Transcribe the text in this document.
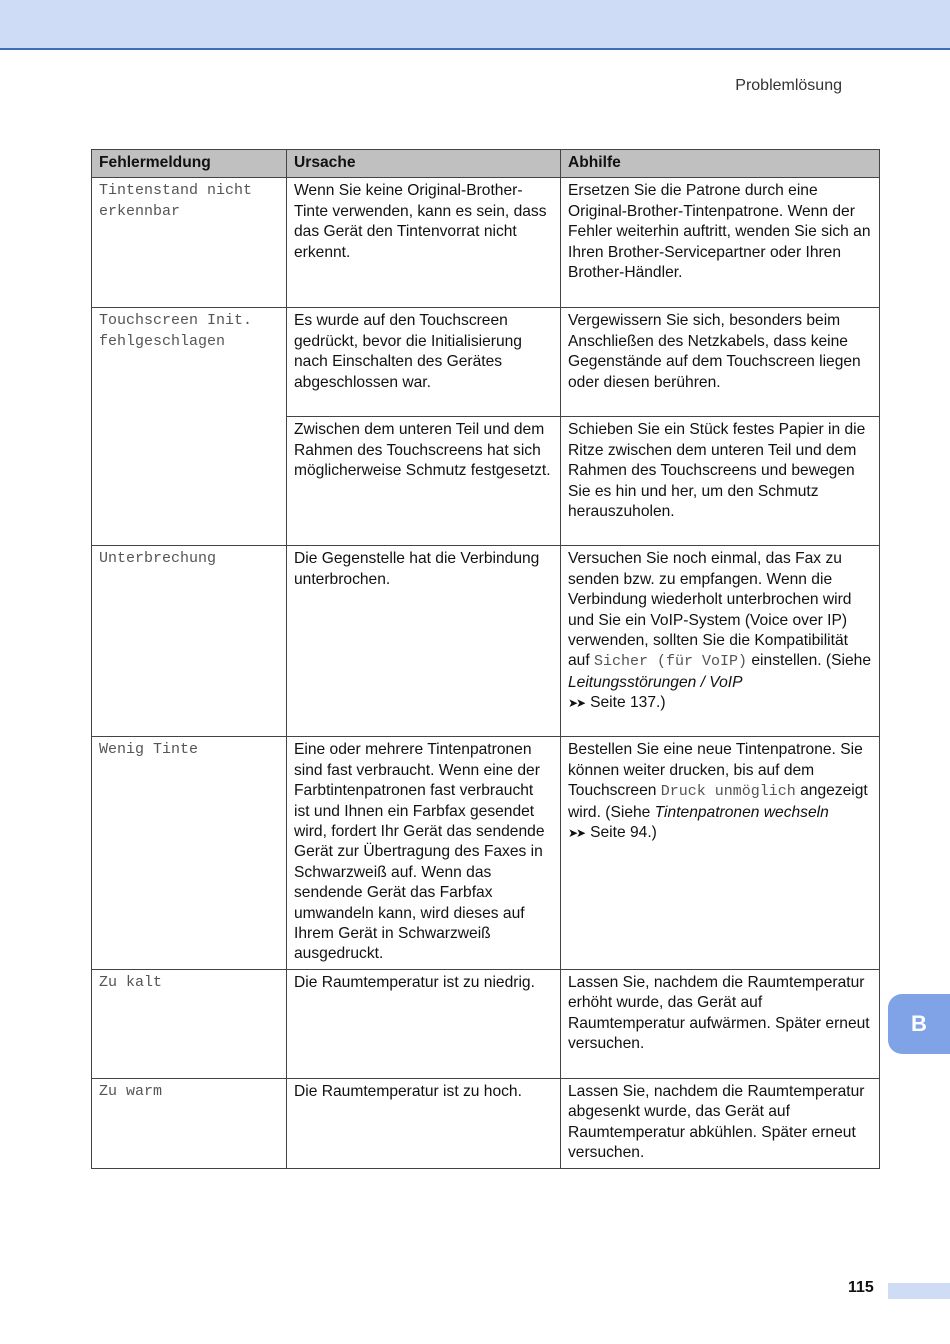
Problemlösung
Fehlermeldung	Ursache	Abhilfe
Tintenstand nicht erkennbar	Wenn Sie keine Original-Brother-Tinte verwenden, kann es sein, dass das Gerät den Tintenvorrat nicht erkennt.	Ersetzen Sie die Patrone durch eine Original-Brother-Tintenpatrone. Wenn der Fehler weiterhin auftritt, wenden Sie sich an Ihren Brother-Servicepartner oder Ihren Brother-Händler.
Touchscreen Init. fehlgeschlagen	Es wurde auf den Touchscreen gedrückt, bevor die Initialisierung nach Einschalten des Gerätes abgeschlossen war.	Vergewissern Sie sich, besonders beim Anschließen des Netzkabels, dass keine Gegenstände auf dem Touchscreen liegen oder diesen berühren.
	Zwischen dem unteren Teil und dem Rahmen des Touchscreens hat sich möglicherweise Schmutz festgesetzt.	Schieben Sie ein Stück festes Papier in die Ritze zwischen dem unteren Teil und dem Rahmen des Touchscreens und bewegen Sie es hin und her, um den Schmutz herauszuholen.
Unterbrechung	Die Gegenstelle hat die Verbindung unterbrochen.	Versuchen Sie noch einmal, das Fax zu senden bzw. zu empfangen. Wenn die Verbindung wiederholt unterbrochen wird und Sie ein VoIP-System (Voice over IP) verwenden, sollten Sie die Kompatibilität auf Sicher (für VoIP) einstellen. (Siehe Leitungsstörungen / VoIP
➤➤ Seite 137.)
Wenig Tinte	Eine oder mehrere Tintenpatronen sind fast verbraucht. Wenn eine der Farbtintenpatronen fast verbraucht ist und Ihnen ein Farbfax gesendet wird, fordert Ihr Gerät das sendende Gerät zur Übertragung des Faxes in Schwarzweiß auf. Wenn das sendende Gerät das Farbfax umwandeln kann, wird dieses auf Ihrem Gerät in Schwarzweiß ausgedruckt.	Bestellen Sie eine neue Tintenpatrone. Sie können weiter drucken, bis auf dem Touchscreen Druck unmöglich angezeigt wird. (Siehe Tintenpatronen wechseln
➤➤ Seite 94.)
Zu kalt	Die Raumtemperatur ist zu niedrig.	Lassen Sie, nachdem die Raumtemperatur erhöht wurde, das Gerät auf Raumtemperatur aufwärmen. Später erneut versuchen.
Zu warm	Die Raumtemperatur ist zu hoch.	Lassen Sie, nachdem die Raumtemperatur abgesenkt wurde, das Gerät auf Raumtemperatur abkühlen. Später erneut versuchen.
B
115
